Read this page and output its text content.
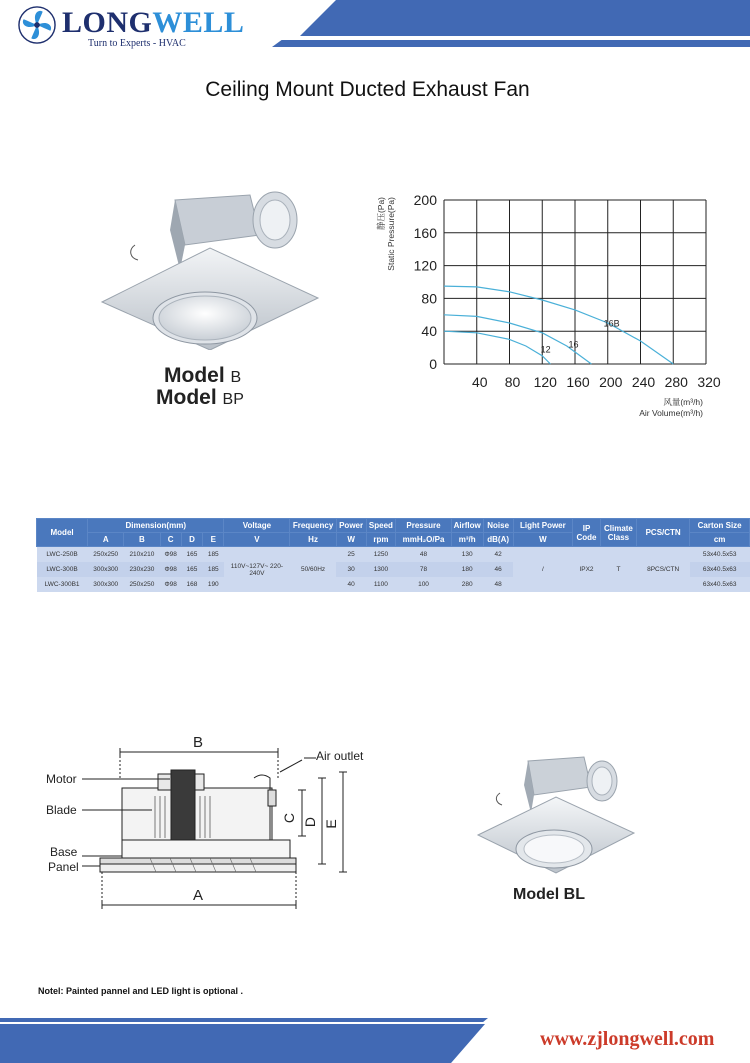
LONGWELL
Turn to Experts - HVAC
Ceiling Mount Ducted Exhaust Fan
Model B
Model BP
200
160
120
80
40
0
40 80 120 160 200 240 280 320
12 16
16B
静压(Pa) Static Pressure(Pa)
风量(m³/h)
Air Volume(m³/h)
Model	Dimension(mm)					Voltage	Frequency	Power	Speed	Pressure	Airflow	Noise	Light Power	IP Code	Climate Class	PCS/CTN	Carton Size
	A	B	C	D	E	V	Hz	W	rpm	mmH₂O/Pa	m³/h	dB(A)	W				cm
LWC-250B	250x250	210x210	Φ98	165	185	110V~127V~ 220-240V	50/60Hz	25	1250	48	130	42	/	IPX2	T	8PCS/CTN	53x40.5x53
LWC-300B	300x300	230x230	Φ98	165	185			30	1300	78	180	46					63x40.5x63
LWC-300B1	300x300	250x250	Φ98	168	190			40	1100	100	280	48					63x40.5x63
B
Air outlet
Motor
Blade
Base
Panel
C D E
A	Model BL
Notel: Painted pannel and LED light is optional .
www.zjlongwell.com
